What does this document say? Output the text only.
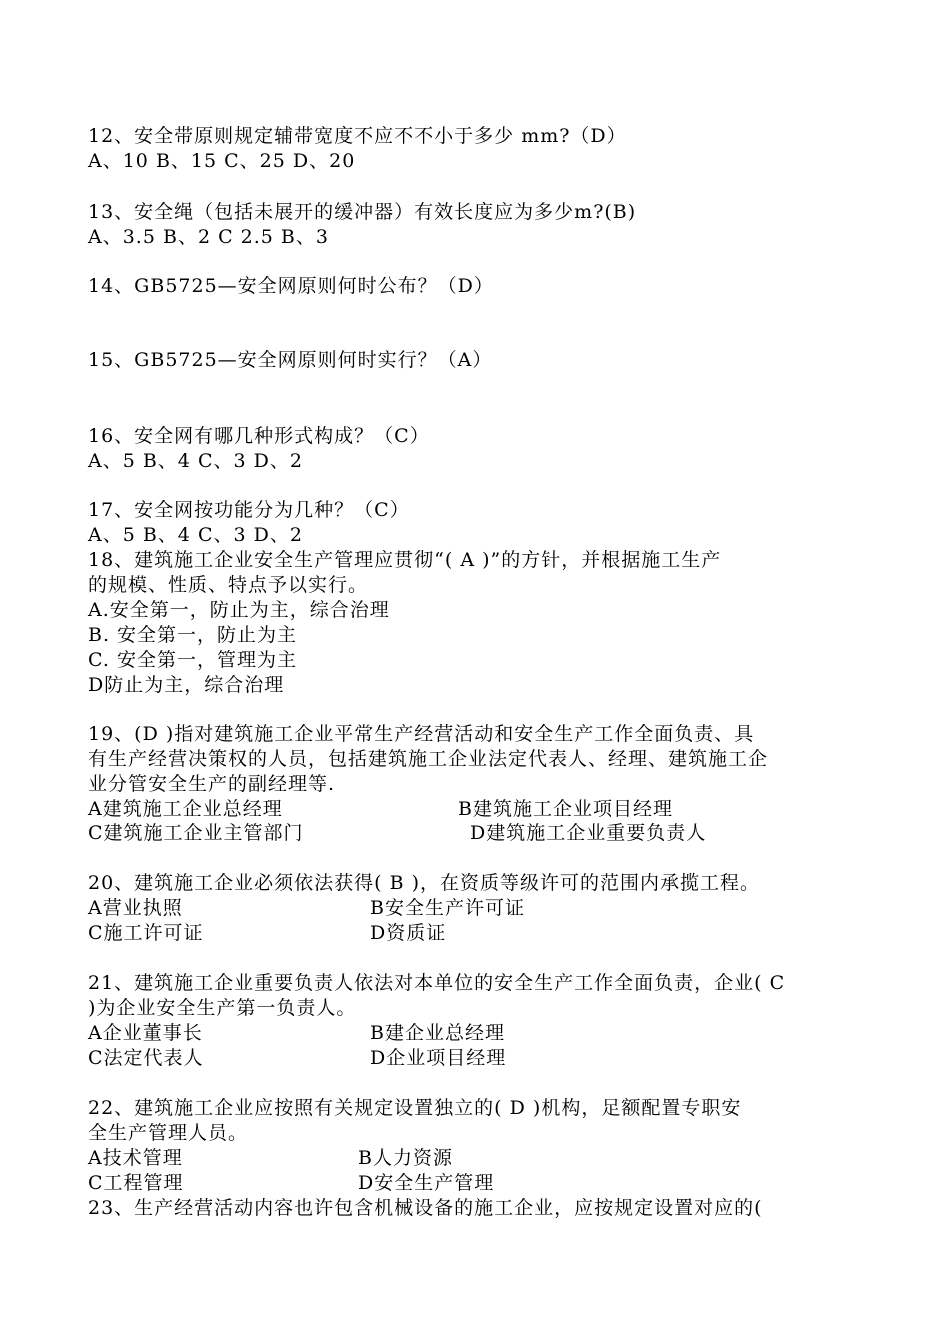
12、安全带原则规定辅带宽度不应不不小于多少 mm?（D）
A、10 B、15 C、25 D、20
13、安全绳（包括未展开的缓冲器）有效长度应为多少m?(B)
A、3.5 B、2 C 2.5 B、3
14、GB5725—安全网原则何时公布？（D）
15、GB5725—安全网原则何时实行？（A）
16、安全网有哪几种形式构成？（C）
A、5 B、4 C、3 D、2
17、安全网按功能分为几种？（C）
A、5 B、4 C、3 D、2
18、建筑施工企业安全生产管理应贯彻“( A )”的方针，并根据施工生产
的规模、性质、特点予以实行。
A.安全第一，防止为主，综合治理
B. 安全第一，防止为主
C. 安全第一，管理为主
D防止为主，综合治理
19、(D )指对建筑施工企业平常生产经营活动和安全生产工作全面负责、具
有生产经营决策权的人员，包括建筑施工企业法定代表人、经理、建筑施工企
业分管安全生产的副经理等.
A建筑施工企业总经理	B建筑施工企业项目经理
C建筑施工企业主管部门	D建筑施工企业重要负责人
20、建筑施工企业必须依法获得( B )，在资质等级许可的范围内承揽工程。
A营业执照	B安全生产许可证
C施工许可证	D资质证
21、建筑施工企业重要负责人依法对本单位的安全生产工作全面负责，企业( C
)为企业安全生产第一负责人。
A企业董事长	B建企业总经理
C法定代表人	D企业项目经理
22、建筑施工企业应按照有关规定设置独立的( D )机构，足额配置专职安
全生产管理人员。
A技术管理	B人力资源
C工程管理	D安全生产管理
23、生产经营活动内容也许包含机械设备的施工企业，应按规定设置对应的(
